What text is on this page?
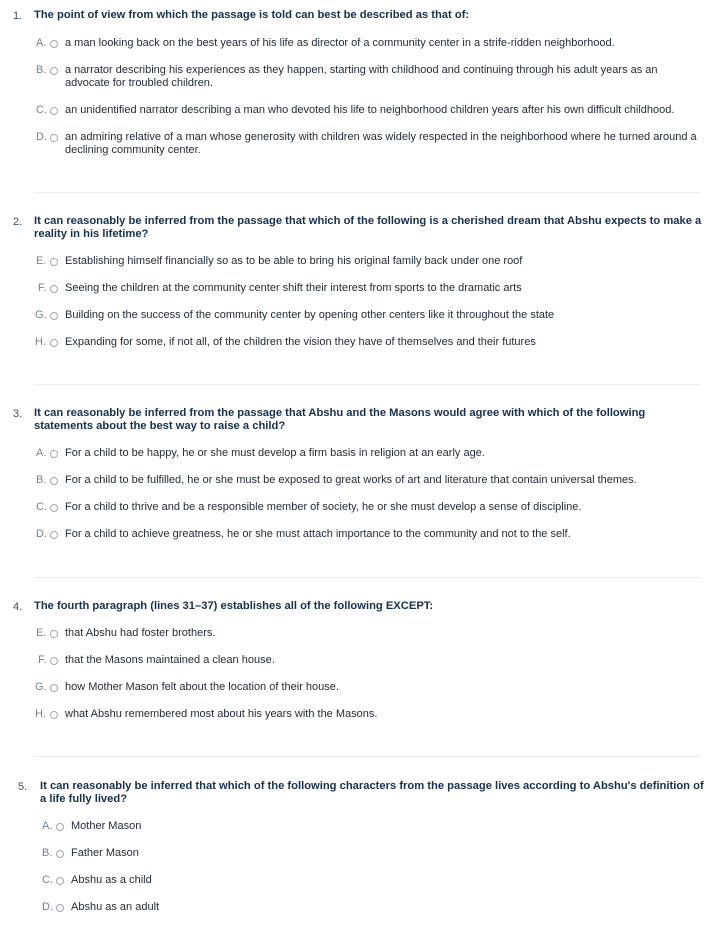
1. The point of view from which the passage is told can best be described as that of:
A. a man looking back on the best years of his life as director of a community center in a strife-ridden neighborhood.
B. a narrator describing his experiences as they happen, starting with childhood and continuing through his adult years as an advocate for troubled children.
C. an unidentified narrator describing a man who devoted his life to neighborhood children years after his own difficult childhood.
D. an admiring relative of a man whose generosity with children was widely respected in the neighborhood where he turned around a declining community center.
2. It can reasonably be inferred from the passage that which of the following is a cherished dream that Abshu expects to make a reality in his lifetime?
E. Establishing himself financially so as to be able to bring his original family back under one roof
F. Seeing the children at the community center shift their interest from sports to the dramatic arts
G. Building on the success of the community center by opening other centers like it throughout the state
H. Expanding for some, if not all, of the children the vision they have of themselves and their futures
3. It can reasonably be inferred from the passage that Abshu and the Masons would agree with which of the following statements about the best way to raise a child?
A. For a child to be happy, he or she must develop a firm basis in religion at an early age.
B. For a child to be fulfilled, he or she must be exposed to great works of art and literature that contain universal themes.
C. For a child to thrive and be a responsible member of society, he or she must develop a sense of discipline.
D. For a child to achieve greatness, he or she must attach importance to the community and not to the self.
4. The fourth paragraph (lines 31–37) establishes all of the following EXCEPT:
E. that Abshu had foster brothers.
F. that the Masons maintained a clean house.
G. how Mother Mason felt about the location of their house.
H. what Abshu remembered most about his years with the Masons.
5. It can reasonably be inferred that which of the following characters from the passage lives according to Abshu's definition of a life fully lived?
A. Mother Mason
B. Father Mason
C. Abshu as a child
D. Abshu as an adult
